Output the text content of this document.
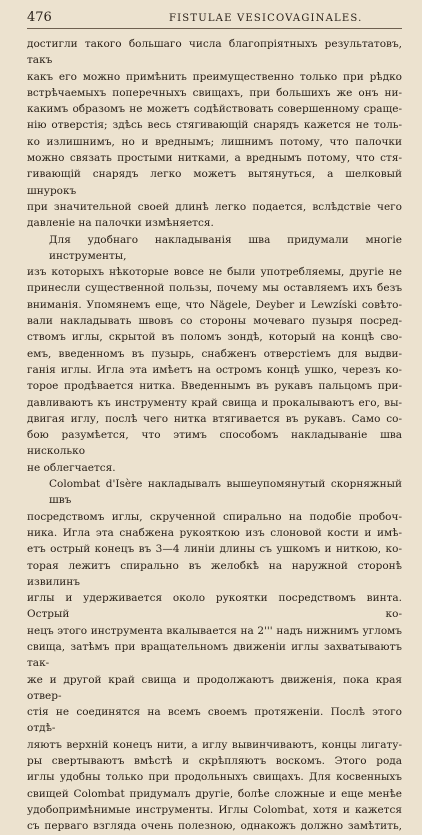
476	FISTULAE VESICOVAGINALES.

достигли такого большаго числа благопріятныхъ результатовъ, такъ

какъ его можно примѣнить преимущественно только при рѣдко

встрѣчаемыхъ поперечныхъ свищахъ, при большихъ же онъ ни-

какимъ образомъ не можетъ содѣйствовать совершенному сраще-

нію отверстія; здѣсь весь стягивающій снарядъ кажется не толь-

ко излишнимъ, но и вреднымъ; лишнимъ потому, что палочки

можно связать простыми нитками, а вреднымъ потому, что стя-

гивающій снарядъ легко можетъ вытянуться, а шелковый шнурокъ

при значительной своей длинѣ легко подается, вслѣдствіе чего

давленіе на палочки измѣняется.

Для удобнаго накладыванія шва придумали многіе инструменты,

изъ которыхъ нѣкоторые вовсе не были употребляемы, другіе не

принесли существенной пользы, почему мы оставляемъ ихъ безъ

вниманія. Упомянемъ еще, что Nägele, Deyber и Lewzíski совѣто-

вали накладывать швовъ со стороны мочеваго пузыря посред-

ствомъ иглы, скрытой въ поломъ зондѣ, который на концѣ сво-

емъ, введенномъ въ пузырь, снабженъ отверстіемъ для выдви-

ганія иглы. Игла эта имѣетъ на остромъ концѣ ушко, черезъ ко-

торое продѣвается нитка. Введеннымъ въ рукавъ пальцомъ при-

давливаютъ къ инструменту край свища и прокалываютъ его, вы-

двигая иглу, послѣ чего нитка втягивается въ рукавъ. Само со-

бою разумѣется, что этимъ способомъ накладываніе шва нисколько

не облегчается.

Colombat d'Isère накладывалъ вышеупомянутый скорняжный швъ

посредствомъ иглы, скрученной спирально на подобіе пробоч-

ника. Игла эта снабжена рукояткою изъ слоновой кости и имѣ-

етъ острый конецъ въ 3—4 линіи длины съ ушкомъ и ниткою, ко-

торая лежитъ спирально въ желобкѣ на наружной сторонѣ извилинъ

иглы и удерживается около рукоятки посредствомъ винта. Острый ко-

нецъ этого инструмента вкалывается на 2''' надъ нижнимъ угломъ

свища, затѣмъ при вращательномъ движеніи иглы захватываютъ так-

же и другой край свища и продолжаютъ движенія, пока края отвер-

стія не соединятся на всемъ своемъ протяженіи. Послѣ этого отдѣ-

ляютъ верхній конецъ нити, а иглу вывинчиваютъ, концы лигату-

ры свертываютъ вмѣстѣ и скрѣпляютъ воскомъ. Этого рода

иглы удобны только при продольныхъ свищахъ. Для косвенныхъ

свищей Colombat придумалъ другіе, болѣе сложные и еще менѣе

удобопримѣнимые инструменты. Иглы Colombat, хотя и кажется

съ перваго взгляда очень полезною, однакожъ должно замѣтить,
